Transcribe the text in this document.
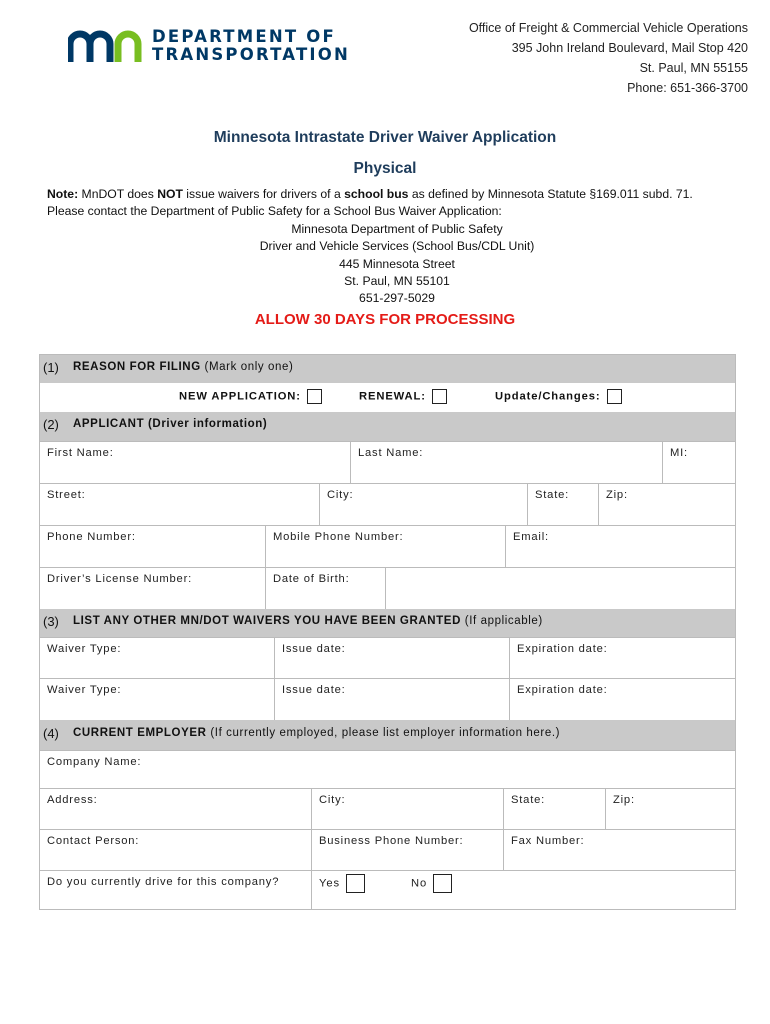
DEPARTMENT OF
TRANSPORTATION
Office of Freight & Commercial Vehicle Operations
395 John Ireland Boulevard, Mail Stop 420
St. Paul, MN 55155
Phone: 651-366-3700
Minnesota Intrastate Driver Waiver Application
Physical
Note: MnDOT does NOT issue waivers for drivers of a school bus as defined by Minnesota Statute §169.011 subd. 71.
Please contact the Department of Public Safety for a School Bus Waiver Application:
Minnesota Department of Public Safety
Driver and Vehicle Services (School Bus/CDL Unit)
445 Minnesota Street
St. Paul, MN 55101
651-297-5029
ALLOW 30 DAYS FOR PROCESSING
(1) REASON FOR FILING (Mark only one)
NEW APPLICATION:	RENEWAL:	Update/Changes:
(2) APPLICANT (Driver information)
First Name:	Last Name:	MI:
Street:	City:	State:	Zip:
Phone Number:	Mobile Phone Number:	Email:
Driver’s License Number:	Date of Birth:
(3) LIST ANY OTHER MN/DOT WAIVERS YOU HAVE BEEN GRANTED (If applicable)
Waiver Type:	Issue date:	Expiration date:
Waiver Type:	Issue date:	Expiration date:
(4) CURRENT EMPLOYER (If currently employed, please list employer information here.)
Company Name:
Address:	City:	State:	Zip:
Contact Person:	Business Phone Number:	Fax Number:
Do you currently drive for this company?	Yes	No
